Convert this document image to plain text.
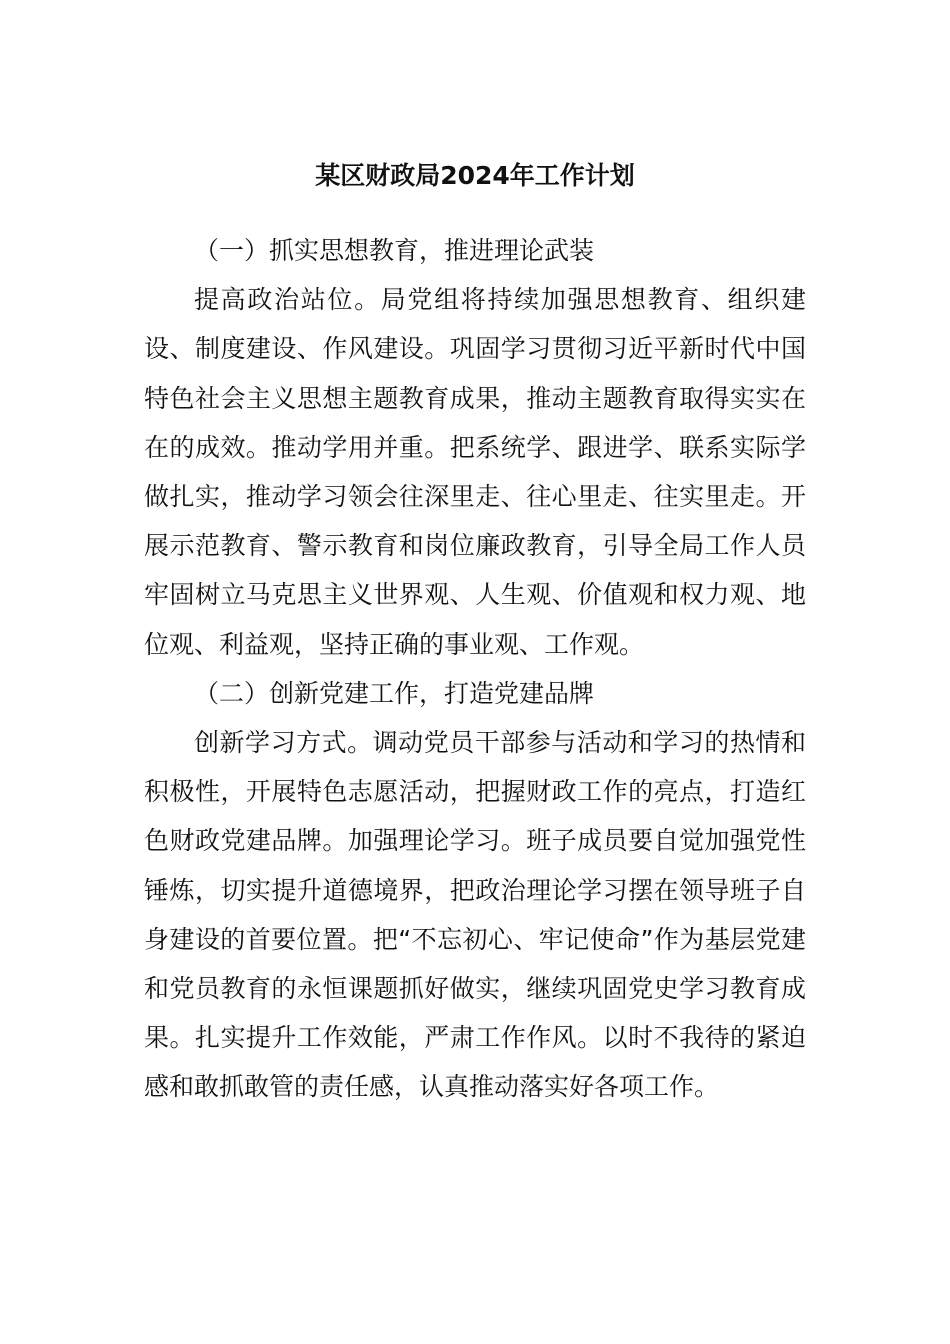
某区财政局2024年工作计划

（一）抓实思想教育，推进理论武装

提高政治站位。局党组将持续加强思想教育、组织建设、制度建设、作风建设。巩固学习贯彻习近平新时代中国特色社会主义思想主题教育成果，推动主题教育取得实实在在的成效。推动学用并重。把系统学、跟进学、联系实际学做扎实，推动学习领会往深里走、往心里走、往实里走。开展示范教育、警示教育和岗位廉政教育，引导全局工作人员牢固树立马克思主义世界观、人生观、价值观和权力观、地位观、利益观，坚持正确的事业观、工作观。

（二）创新党建工作，打造党建品牌

创新学习方式。调动党员干部参与活动和学习的热情和积极性，开展特色志愿活动，把握财政工作的亮点，打造红色财政党建品牌。加强理论学习。班子成员要自觉加强党性锤炼，切实提升道德境界，把政治理论学习摆在领导班子自身建设的首要位置。把“不忘初心、牢记使命”作为基层党建和党员教育的永恒课题抓好做实，继续巩固党史学习教育成果。扎实提升工作效能，严肃工作作风。以时不我待的紧迫感和敢抓敢管的责任感，认真推动落实好各项工作。
